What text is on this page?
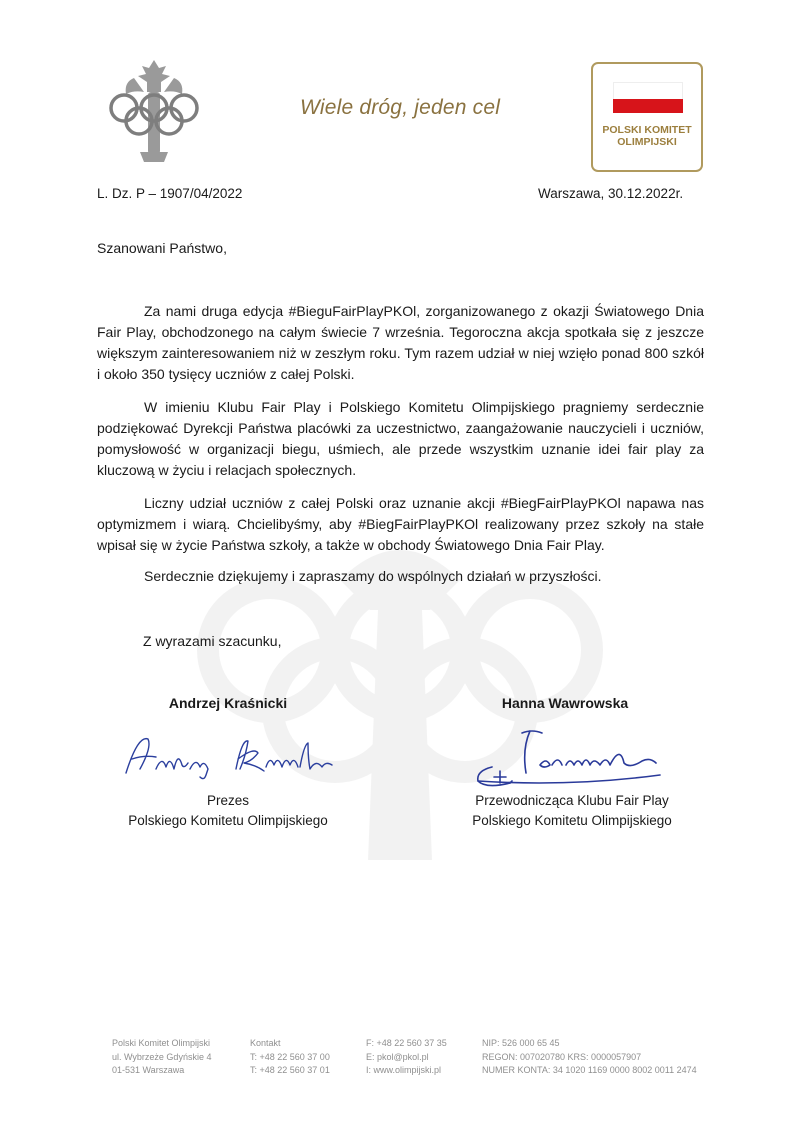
Wiele dróg, jeden cel
POLSKI KOMITET
OLIMPIJSKI
L. Dz. P – 1907/04/2022	Warszawa, 30.12.2022r.
Szanowani Państwo,
Za nami druga edycja #BieguFairPlayPKOl, zorganizowanego z okazji Światowego Dnia Fair Play, obchodzonego na całym świecie 7 września. Tegoroczna akcja spotkała się z jeszcze większym zainteresowaniem niż w zeszłym roku. Tym razem udział w niej wzięło ponad 800 szkół i około 350 tysięcy uczniów z całej Polski.
W imieniu Klubu Fair Play i Polskiego Komitetu Olimpijskiego pragniemy serdecznie podziękować Dyrekcji Państwa placówki za uczestnictwo, zaangażowanie nauczycieli i uczniów, pomysłowość w organizacji biegu, uśmiech, ale przede wszystkim uznanie idei fair play za kluczową w życiu i relacjach społecznych.
Liczny udział uczniów z całej Polski oraz uznanie akcji #BiegFairPlayPKOl napawa nas optymizmem i wiarą. Chcielibyśmy, aby #BiegFairPlayPKOl realizowany przez szkoły na stałe wpisał się w życie Państwa szkoły, a także w obchody Światowego Dnia Fair Play.
Serdecznie dziękujemy i zapraszamy do wspólnych działań w przyszłości.
Z wyrazami szacunku,
Andrzej Kraśnicki	Hanna Wawrowska
Prezes
Polskiego Komitetu Olimpijskiego
Przewodnicząca Klubu Fair Play
Polskiego Komitetu Olimpijskiego
Polski Komitet Olimpijski
ul. Wybrzeże Gdyńskie 4
01-531 Warszawa
Kontakt
T: +48 22 560 37 00
T: +48 22 560 37 01
F: +48 22 560 37 35
E: pkol@pkol.pl
I: www.olimpijski.pl
NIP: 526 000 65 45
REGON: 007020780 KRS: 0000057907
NUMER KONTA: 34 1020 1169 0000 8002 0011 2474
